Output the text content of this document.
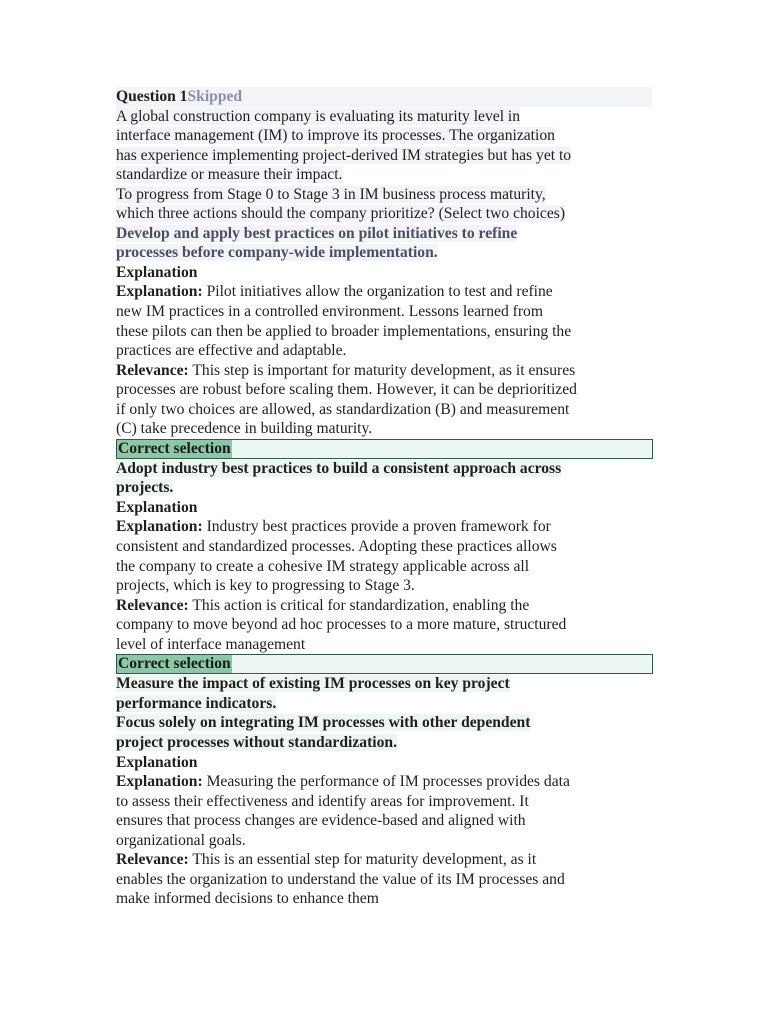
Question 1Skipped
A global construction company is evaluating its maturity level in
interface management (IM) to improve its processes. The organization
has experience implementing project-derived IM strategies but has yet to
standardize or measure their impact.
To progress from Stage 0 to Stage 3 in IM business process maturity,
which three actions should the company prioritize? (Select two choices)
Develop and apply best practices on pilot initiatives to refine
processes before company-wide implementation.
Explanation
Explanation: Pilot initiatives allow the organization to test and refine
new IM practices in a controlled environment. Lessons learned from
these pilots can then be applied to broader implementations, ensuring the
practices are effective and adaptable.
Relevance: This step is important for maturity development, as it ensures
processes are robust before scaling them. However, it can be deprioritized
if only two choices are allowed, as standardization (B) and measurement
(C) take precedence in building maturity.
Correct selection
Adopt industry best practices to build a consistent approach across
projects.
Explanation
Explanation: Industry best practices provide a proven framework for
consistent and standardized processes. Adopting these practices allows
the company to create a cohesive IM strategy applicable across all
projects, which is key to progressing to Stage 3.
Relevance: This action is critical for standardization, enabling the
company to move beyond ad hoc processes to a more mature, structured
level of interface management
Correct selection
Measure the impact of existing IM processes on key project
performance indicators.
Focus solely on integrating IM processes with other dependent
project processes without standardization.
Explanation
Explanation: Measuring the performance of IM processes provides data
to assess their effectiveness and identify areas for improvement. It
ensures that process changes are evidence-based and aligned with
organizational goals.
Relevance: This is an essential step for maturity development, as it
enables the organization to understand the value of its IM processes and
make informed decisions to enhance them
